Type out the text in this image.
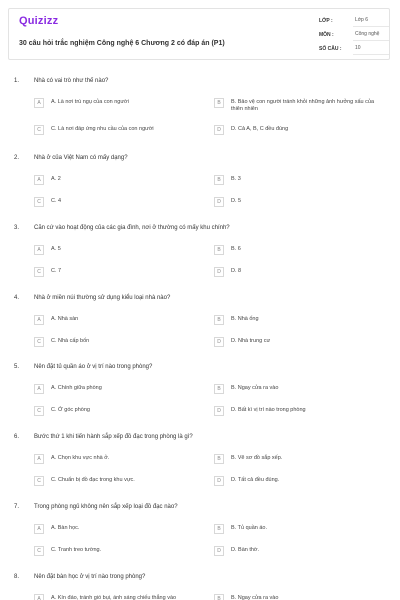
Quizizz
30 câu hỏi trắc nghiệm Công nghệ 6 Chương 2 có đáp án (P1)
LỚP :	Lớp 6
MÔN :	Công nghệ
SỐ CÂU :	10
1.	Nhà có vai trò như thế nào?
A	A. Là nơi trú ngụ của con người	B	B. Bảo vệ con người tránh khỏi những ảnh hưởng xấu của thiên nhiên
C	C. Là nơi đáp ứng nhu cầu của con người	D	D. Cả A, B, C đều đúng
2.	Nhà ở của Việt Nam có mấy dạng?
A	A. 2	B	B. 3
C	C. 4	D	D. 5
3.	Căn cứ vào hoạt động của các gia đình, nơi ở thường có mấy khu chính?
A	A. 5	B	B. 6
C	C. 7	D	D. 8
4.	Nhà ở miền núi thường sử dụng kiểu loại nhà nào?
A	A. Nhà sàn	B	B. Nhà ống
C	C. Nhà cấp bốn	D	D. Nhà trung cư
5.	Nên đặt tủ quần áo ở vị trí nào trong phòng?
A	A. Chính giữa phòng	B	B. Ngay cửa ra vào
C	C. Ở góc phòng	D	D. Bất kì vị trí nào trong phòng
6.	Bước thứ 1 khi tiến hành sắp xếp đồ đạc trong phòng là gì?
A	A. Chọn khu vực nhà ở.	B	B. Vẽ sơ đồ sắp xếp.
C	C. Chuẩn bị đồ đạc trong khu vực.	D	D. Tất cả đều đúng.
7.	Trong phòng ngủ không nên sắp xếp loại đồ đạc nào?
A	A. Bàn học.	B	B. Tủ quần áo.
C	C. Tranh treo tường.	D	D. Bàn thờ.
8.	Nên đặt bàn học ở vị trí nào trong phòng?
A	A. Kín đáo, tránh gió bụi, ánh sáng chiếu thẳng vào	B	B. Ngay cửa ra vào
